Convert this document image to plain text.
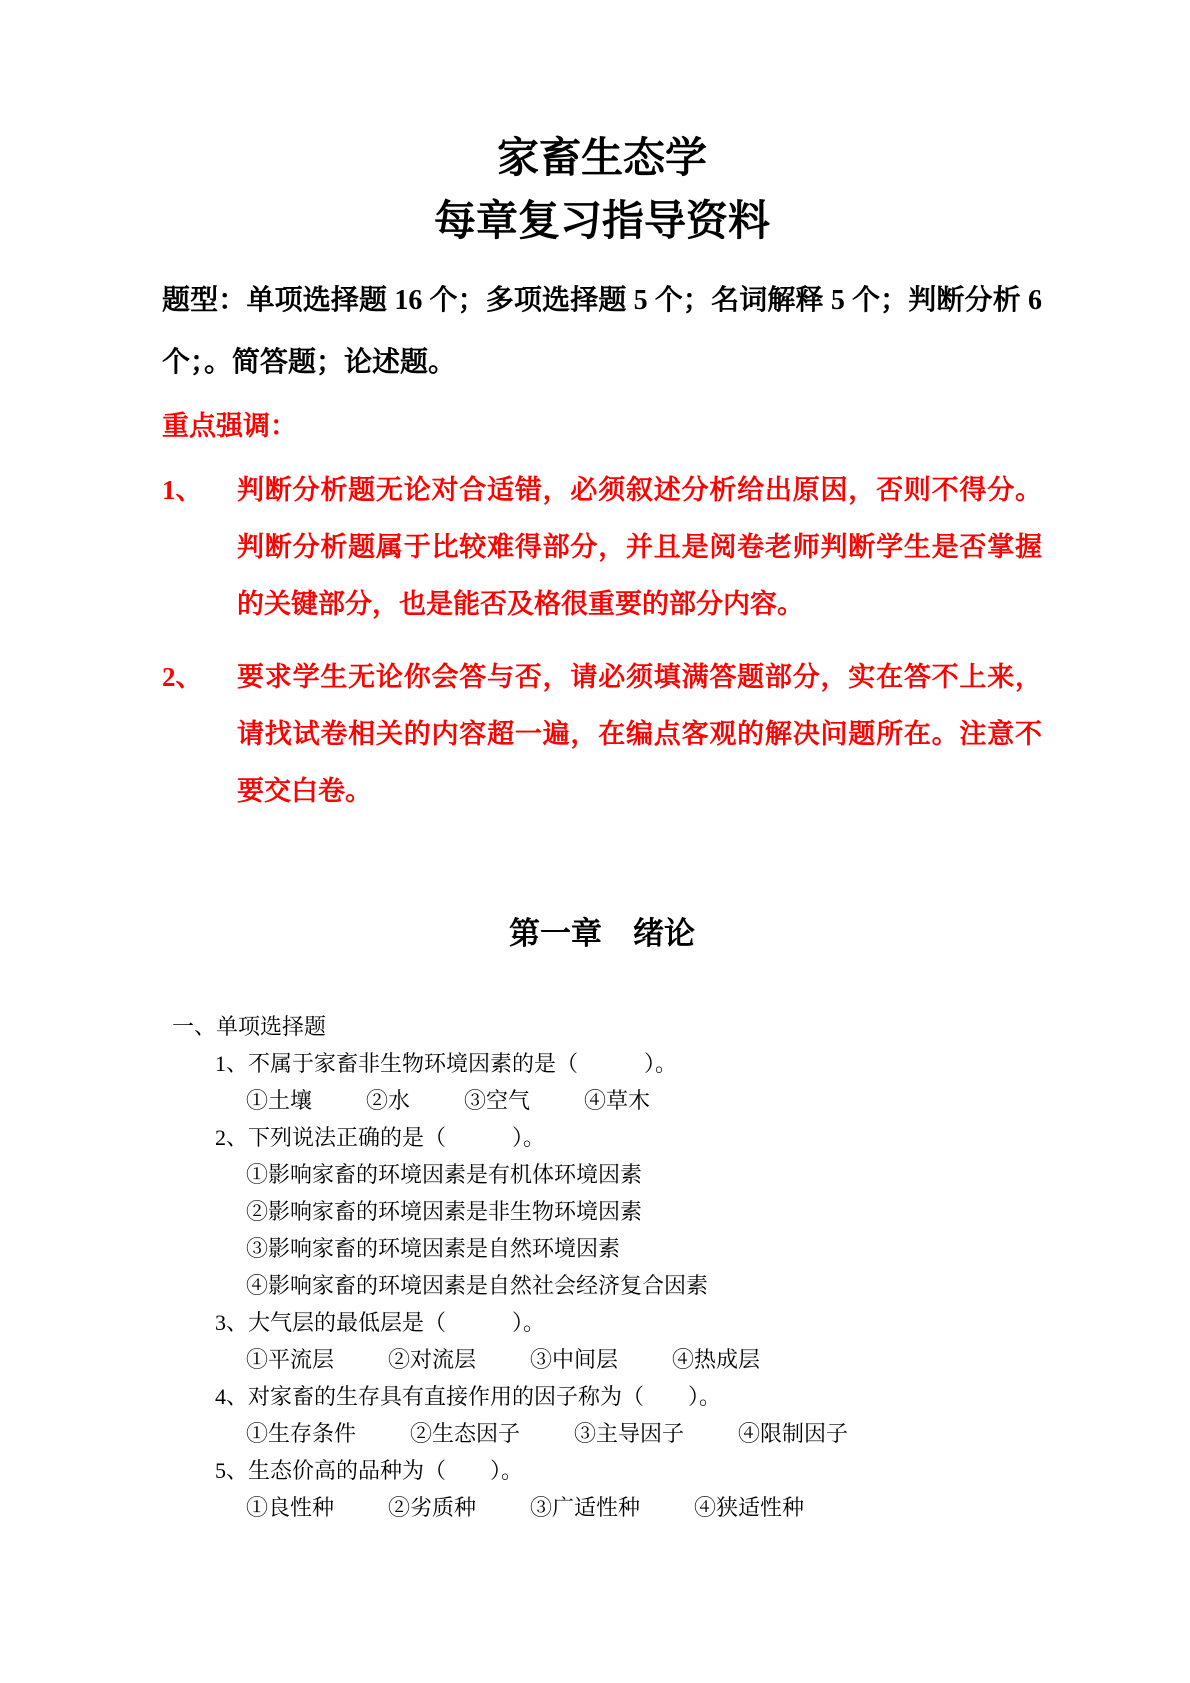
家畜生态学
每章复习指导资料

题型：单项选择题 16 个；多项选择题 5 个；名词解释 5 个；判断分析 6 个；。简答题；论述题。

重点强调：

1、	判断分析题无论对合适错，必须叙述分析给出原因，否则不得分。判断分析题属于比较难得部分，并且是阅卷老师判断学生是否掌握的关键部分，也是能否及格很重要的部分内容。
2、	要求学生无论你会答与否，请必须填满答题部分，实在答不上来，请找试卷相关的内容超一遍，在编点客观的解决问题所在。注意不要交白卷。
第一章　绪论

一、单项选择题

1、不属于家畜非生物环境因素的是（　　　）。
①土壤 ②水 ③空气 ④草木
2、下列说法正确的是（　　　）。
①影响家畜的环境因素是有机体环境因素
②影响家畜的环境因素是非生物环境因素
③影响家畜的环境因素是自然环境因素
④影响家畜的环境因素是自然社会经济复合因素
3、大气层的最低层是（　　　）。
①平流层 ②对流层 ③中间层 ④热成层
4、对家畜的生存具有直接作用的因子称为（　　）。
①生存条件 ②生态因子 ③主导因子 ④限制因子
5、生态价高的品种为（　　）。
①良性种 ②劣质种 ③广适性种 ④狭适性种
